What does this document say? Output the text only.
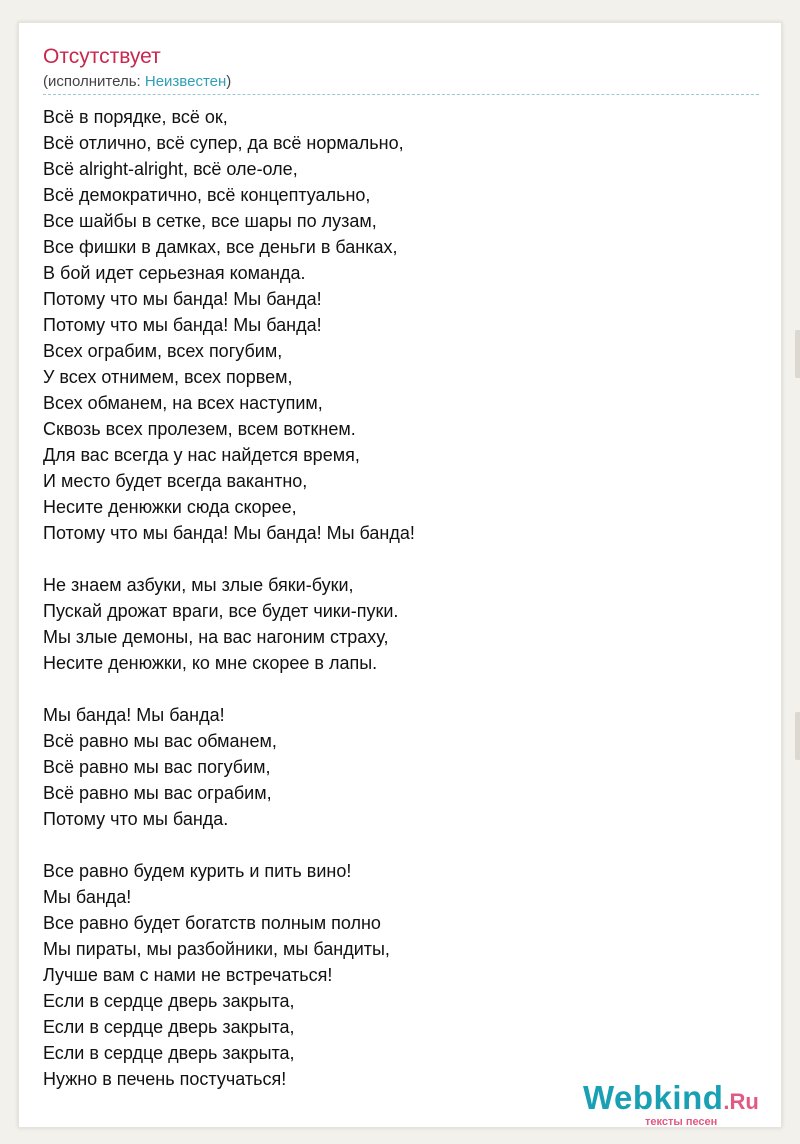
Отсутствует
(исполнитель: Неизвестен)
Всё в порядке, всё ок,
Всё отлично, всё супер, да всё нормально,
Всё alright-alright, всё оле-оле,
Всё демократично, всё концептуально,
Все шайбы в сетке, все шары по лузам,
Все фишки в дамках, все деньги в банках,
В бой идет серьезная команда.
Потому что мы банда! Мы банда!
Потому что мы банда! Мы банда!
Всех ограбим, всех погубим,
У всех отнимем, всех порвем,
Всех обманем, на всех наступим,
Сквозь всех пролезем, всем воткнем.
Для вас всегда у нас найдется время,
И место будет всегда вакантно,
Несите денюжки сюда скорее,
Потому что мы банда! Мы банда! Мы банда!
Не знаем азбуки, мы злые бяки-буки,
Пускай дрожат враги, все будет чики-пуки.
Мы злые демоны, на вас нагоним страху,
Несите денюжки, ко мне скорее в лапы.
Мы банда! Мы банда!
Всё равно мы вас обманем,
Всё равно мы вас погубим,
Всё равно мы вас ограбим,
Потому что мы банда.
Все равно будем курить и пить вино!
Мы банда!
Все равно будет богатств полным полно
Мы пираты, мы разбойники, мы бандиты,
Лучше вам с нами не встречаться!
Если в сердце дверь закрыта,
Если в сердце дверь закрыта,
Если в сердце дверь закрыта,
Нужно в печень постучаться!	Webkind.Ru
тексты песен
